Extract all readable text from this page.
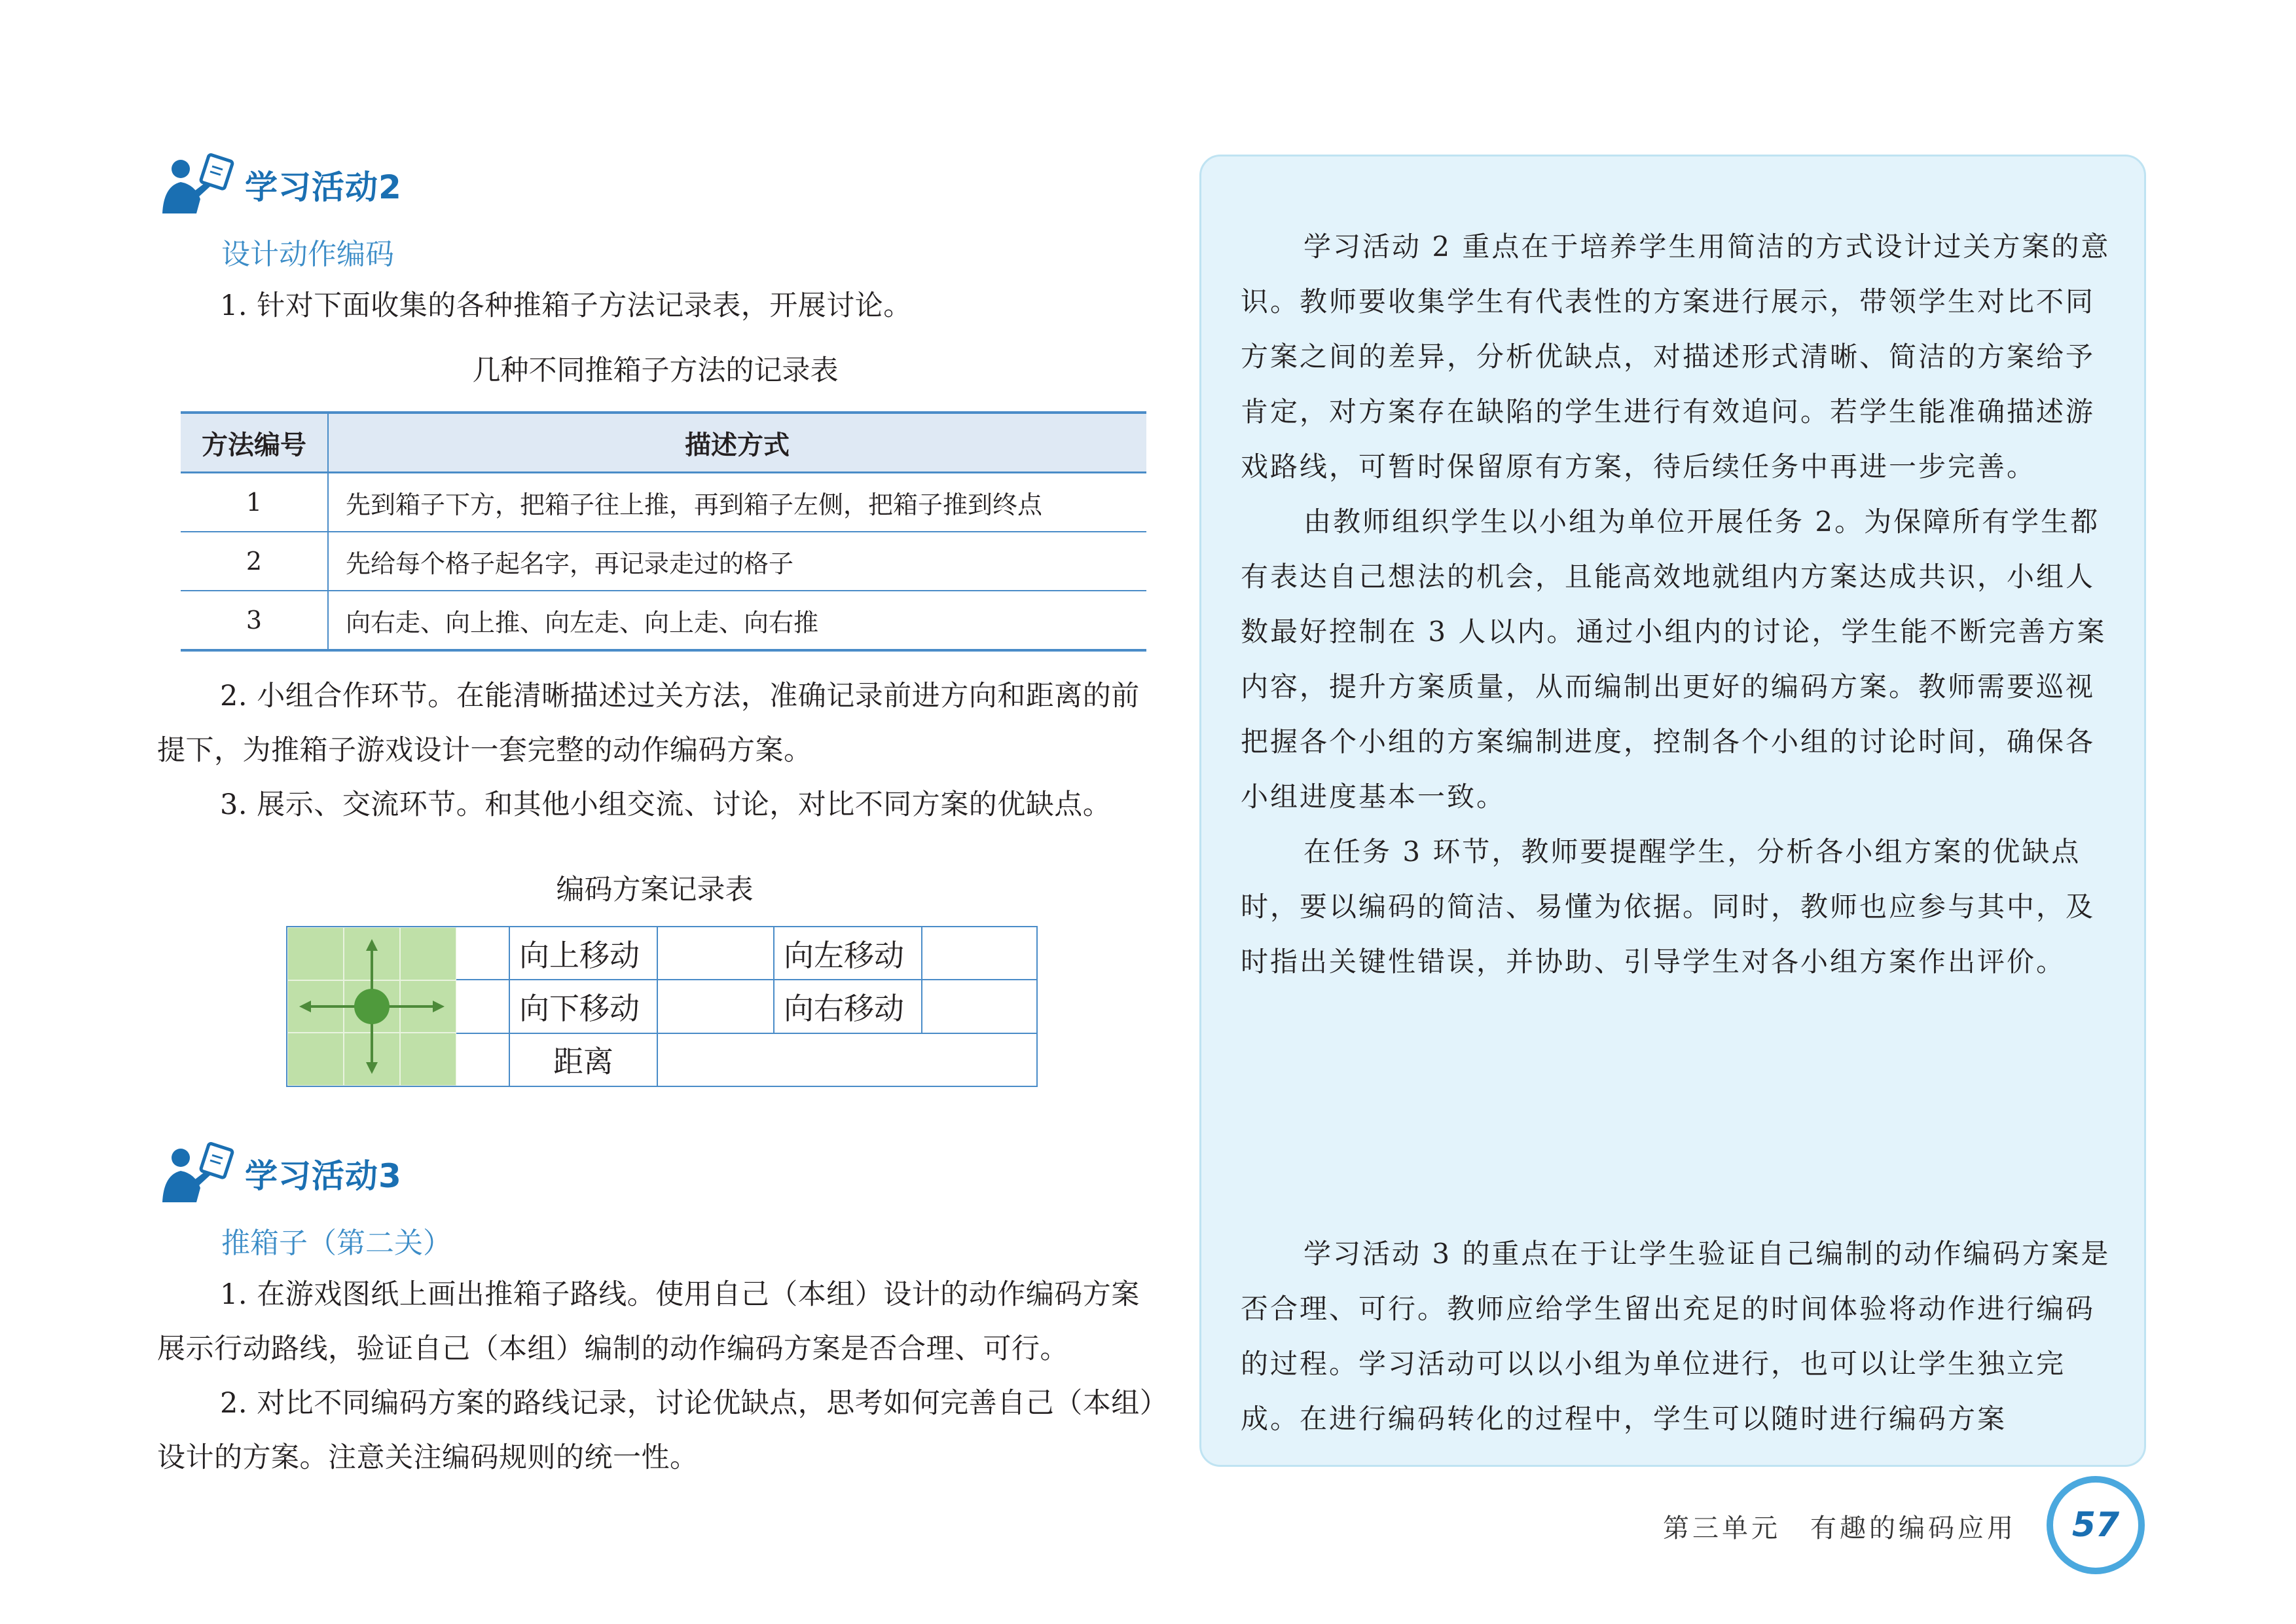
学习活动2
设计动作编码

1. 针对下面收集的各种推箱子方法记录表，开展讨论。

几种不同推箱子方法的记录表
方法编号	描述方式
1	先到箱子下方，把箱子往上推，再到箱子左侧，把箱子推到终点
2	先给每个格子起名字，再记录走过的格子
3	向右走、向上推、向左走、向上走、向右推

2. 小组合作环节。在能清晰描述过关方法，准确记录前进方向和距离的前提下，为推箱子游戏设计一套完整的动作编码方案。

3. 展示、交流环节。和其他小组交流、讨论，对比不同方案的优缺点。

编码方案记录表
	向上移动		向左移动	
	向下移动		向右移动	
	距离			
学习活动3
推箱子（第二关）

1. 在游戏图纸上画出推箱子路线。使用自己（本组）设计的动作编码方案展示行动路线，验证自己（本组）编制的动作编码方案是否合理、可行。

2. 对比不同编码方案的路线记录，讨论优缺点，思考如何完善自己（本组）设计的方案。注意关注编码规则的统一性。

学习活动 2 重点在于培养学生用简洁的方式设计过关方案的意识。教师要收集学生有代表性的方案进行展示，带领学生对比不同方案之间的差异，分析优缺点，对描述形式清晰、简洁的方案给予肯定，对方案存在缺陷的学生进行有效追问。若学生能准确描述游戏路线，可暂时保留原有方案，待后续任务中再进一步完善。

由教师组织学生以小组为单位开展任务 2。为保障所有学生都有表达自己想法的机会，且能高效地就组内方案达成共识，小组人数最好控制在 3 人以内。通过小组内的讨论，学生能不断完善方案内容，提升方案质量，从而编制出更好的编码方案。教师需要巡视把握各个小组的方案编制进度，控制各个小组的讨论时间，确保各小组进度基本一致。

在任务 3 环节，教师要提醒学生，分析各小组方案的优缺点时，要以编码的简洁、易懂为依据。同时，教师也应参与其中，及时指出关键性错误，并协助、引导学生对各小组方案作出评价。

学习活动 3 的重点在于让学生验证自己编制的动作编码方案是否合理、可行。教师应给学生留出充足的时间体验将动作进行编码的过程。学习活动可以以小组为单位进行，也可以让学生独立完成。在进行编码转化的过程中，学生可以随时进行编码方案

第三单元　有趣的编码应用 57
